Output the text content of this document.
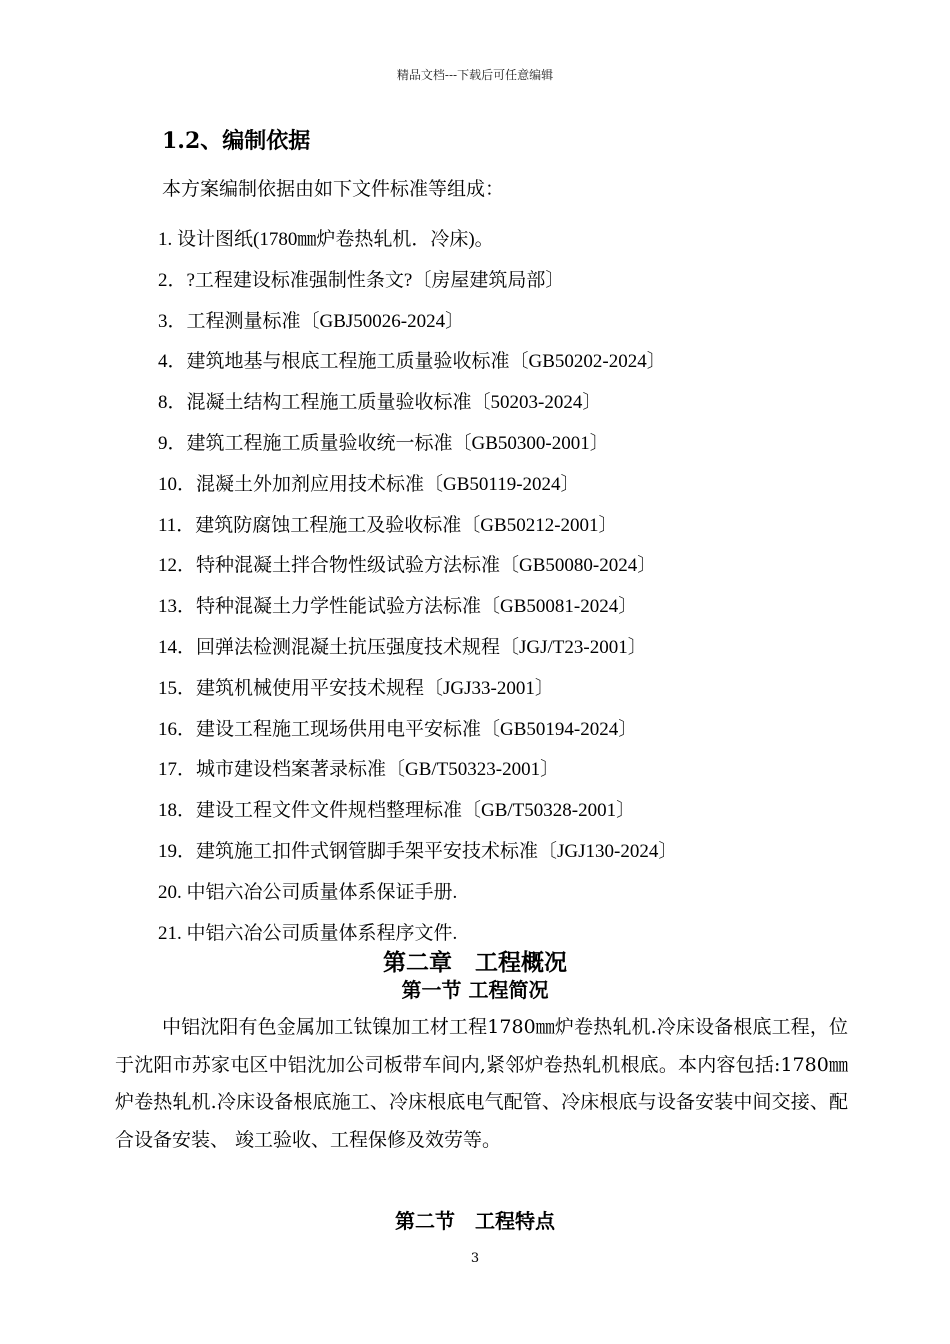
精品文档---下载后可任意编辑
1.2、编制依据
本方案编制依据由如下文件标准等组成：
1. 设计图纸(1780㎜炉卷热轧机．冷床)。
2．?工程建设标准强制性条文?〔房屋建筑局部〕
3．工程测量标准〔GBJ50026-2024〕
4．建筑地基与根底工程施工质量验收标准〔GB50202-2024〕
8．混凝土结构工程施工质量验收标准〔50203-2024〕
9．建筑工程施工质量验收统一标准〔GB50300-2001〕
10．混凝土外加剂应用技术标准〔GB50119-2024〕
11．建筑防腐蚀工程施工及验收标准〔GB50212-2001〕
12．特种混凝土拌合物性级试验方法标准〔GB50080-2024〕
13．特种混凝土力学性能试验方法标准〔GB50081-2024〕
14．回弹法检测混凝土抗压强度技术规程〔JGJ/T23-2001〕
15．建筑机械使用平安技术规程〔JGJ33-2001〕
16．建设工程施工现场供用电平安标准〔GB50194-2024〕
17．城市建设档案著录标准〔GB/T50323-2001〕
18．建设工程文件文件规档整理标准〔GB/T50328-2001〕
19．建筑施工扣件式钢管脚手架平安技术标准〔JGJ130-2024〕
20. 中铝六冶公司质量体系保证手册.
21. 中铝六冶公司质量体系程序文件.
第二章　工程概况
第一节 工程简况
中铝沈阳有色金属加工钛镍加工材工程1780㎜炉卷热轧机.冷床设备根底工程，位于沈阳市苏家屯区中铝沈加公司板带车间内,紧邻炉卷热轧机根底。本内容包括:1780㎜炉卷热轧机.冷床设备根底施工、冷床根底电气配管、冷床根底与设备安装中间交接、配合设备安装、 竣工验收、工程保修及效劳等。
第二节　工程特点
3
